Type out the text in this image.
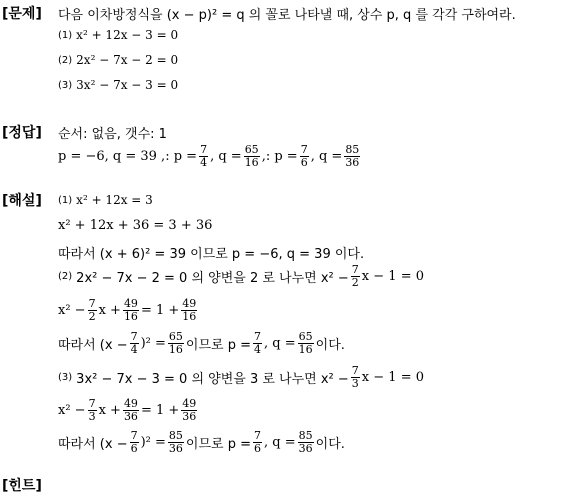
[문제] 다음 이차방정식을 (x − p)² = q 의 꼴로 나타낼 때, 상수 p, q 를 각각 구하여라.
(1) x² + 12x − 3 = 0
(2) 2x² − 7x − 2 = 0
(3) 3x² − 7x − 3 = 0
[정답] 순서: 없음, 갯수: 1
p = −6, q = 39 ,: $p = \frac{7}{4}$ , $q = \frac{65}{16}$ ,: $p = \frac{7}{6}$ , $q = \frac{85}{36}$
[해설] (1) x² + 12x = 3
x² + 12x + 36 = 3 + 36
따라서 (x + 6)² = 39 이므로 p = −6, q = 39 이다.
(2) 2x² − 7x − 2 = 0 의 양변을 2 로 나누면 $x^2 - \frac{7}{2}$ x − 1 = 0
$x^2 - \frac{7}{2}$ $x + \frac{49}{16} = 1 + \frac{49}{16}$
따라서 $(x - \frac{7}{4} )^2 = \frac{65}{16}$ 이므로 $p = \frac{7}{4}$ , $q = \frac{65}{16}$ 이다.
(3) 3x² − 7x − 3 = 0 의 양변을 3 로 나누면 $x^2 - \frac{7}{3}$ x − 1 = 0
$x^2 - \frac{7}{3}$ $x + \frac{49}{36} = 1 + \frac{49}{36}$
따라서 $(x - \frac{7}{6} )^2 = \frac{85}{36}$ 이므로 $p = \frac{7}{6}$ , $q = \frac{85}{36}$ 이다.
[힌트]
